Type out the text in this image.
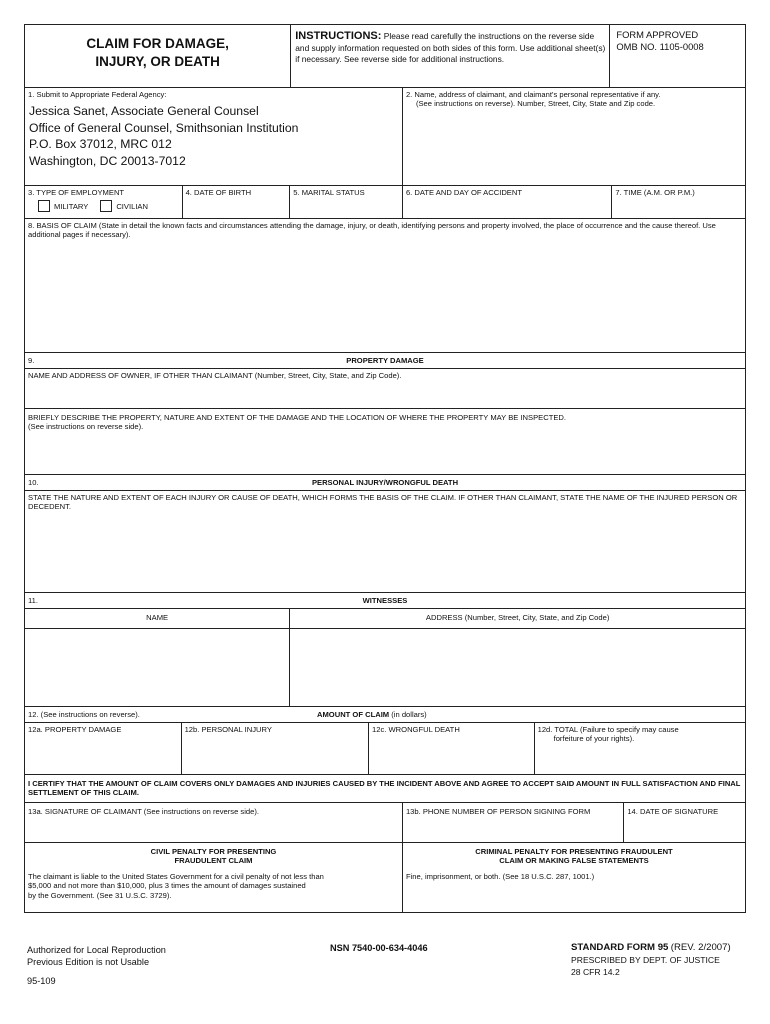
CLAIM FOR DAMAGE,
INJURY, OR DEATH
INSTRUCTIONS: Please read carefully the instructions on the reverse side and supply information requested on both sides of this form. Use additional sheet(s) if necessary. See reverse side for additional instructions.
FORM APPROVED
OMB NO. 1105-0008
1. Submit to Appropriate Federal Agency:
Jessica Sanet, Associate General Counsel
Office of General Counsel, Smithsonian Institution
P.O. Box 37012, MRC 012
Washington, DC 20013-7012
2. Name, address of claimant, and claimant's personal representative if any.
(See instructions on reverse). Number, Street, City, State and Zip code.
3. TYPE OF EMPLOYMENT
MILITARY	CIVILIAN
4. DATE OF BIRTH	5. MARITAL STATUS	6. DATE AND DAY OF ACCIDENT	7. TIME (A.M. OR P.M.)
8. BASIS OF CLAIM (State in detail the known facts and circumstances attending the damage, injury, or death, identifying persons and property involved, the place of occurrence and the cause thereof. Use additional pages if necessary).
9.	PROPERTY DAMAGE
NAME AND ADDRESS OF OWNER, IF OTHER THAN CLAIMANT (Number, Street, City, State, and Zip Code).
BRIEFLY DESCRIBE THE PROPERTY, NATURE AND EXTENT OF THE DAMAGE AND THE LOCATION OF WHERE THE PROPERTY MAY BE INSPECTED.
(See instructions on reverse side).
10.	PERSONAL INJURY/WRONGFUL DEATH
STATE THE NATURE AND EXTENT OF EACH INJURY OR CAUSE OF DEATH, WHICH FORMS THE BASIS OF THE CLAIM. IF OTHER THAN CLAIMANT, STATE THE NAME OF THE INJURED PERSON OR DECEDENT.
11.	WITNESSES
NAME	ADDRESS (Number, Street, City, State, and Zip Code)
12. (See instructions on reverse).	AMOUNT OF CLAIM (in dollars)
12a. PROPERTY DAMAGE	12b. PERSONAL INJURY	12c. WRONGFUL DEATH	12d. TOTAL (Failure to specify may cause
forfeiture of your rights).
I CERTIFY THAT THE AMOUNT OF CLAIM COVERS ONLY DAMAGES AND INJURIES CAUSED BY THE INCIDENT ABOVE AND AGREE TO ACCEPT SAID AMOUNT IN FULL SATISFACTION AND FINAL SETTLEMENT OF THIS CLAIM.
13a. SIGNATURE OF CLAIMANT (See instructions on reverse side).	13b. PHONE NUMBER OF PERSON SIGNING FORM	14. DATE OF SIGNATURE
CIVIL PENALTY FOR PRESENTING
FRAUDULENT CLAIM
The claimant is liable to the United States Government for a civil penalty of not less than
$5,000 and not more than $10,000, plus 3 times the amount of damages sustained
by the Government. (See 31 U.S.C. 3729).
CRIMINAL PENALTY FOR PRESENTING FRAUDULENT
CLAIM OR MAKING FALSE STATEMENTS
Fine, imprisonment, or both. (See 18 U.S.C. 287, 1001.)
Authorized for Local Reproduction
Previous Edition is not Usable
95-109
NSN 7540-00-634-4046	STANDARD FORM 95 (REV. 2/2007)
PRESCRIBED BY DEPT. OF JUSTICE
28 CFR 14.2
